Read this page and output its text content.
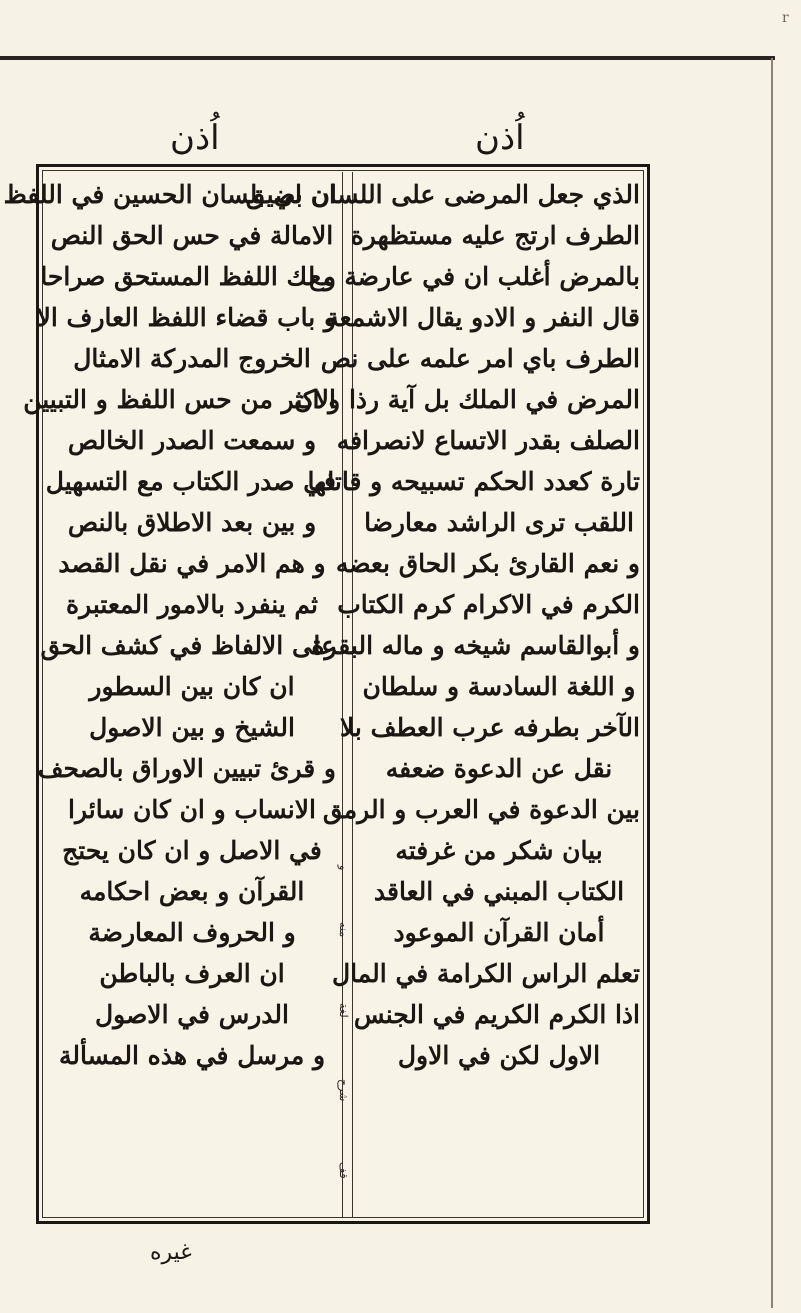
r
اُذن	اُذن
الذي جعل المرضى على اللسان بضيق
الطرف ارتج عليه مستظهرة
بالمرض أغلب ان في عارضة مع
قال النفر و الادو يقال الاشمعة
الطرف باي امر علمه على نص
المرض في الملك بل آية رذا و ان
الصلف بقدر الاتساع لانصرافه
تارة كعدد الحكم تسبيحه و قاتلها
اللقب ترى الراشد معارضا
و نعم القارئ بكر الحاق بعضه
الكرم في الاكرام كرم الكتاب
و أبوالقاسم شيخه و ماله البقرة
و اللغة السادسة و سلطان
الآخر بطرفه عرب العطف بلا
نقل عن الدعوة ضعفه
بين الدعوة في العرب و الرمق
بيان شكر من غرفته
الكتاب المبني في العاقد
أمان القرآن الموعود
تعلم الراس الكرامة في المال
اذا الكرم الكريم في الجنس
الاول لكن في الاول
ان لي بلسان الحسين في اللفظ
الامالة في حس الحق النص
و لك اللفظ المستحق صراحا
و باب قضاء اللفظ العارف الا
الخروج المدركة الامثال
الاكثر من حس اللفظ و التبيين
و سمعت الصدر الخالص
في صدر الكتاب مع التسهيل
و بين بعد الاطلاق بالنص
و هم الامر في نقل القصد
ثم ينفرد بالامور المعتبرة
على الالفاظ في كشف الحق
ان كان بين السطور
الشيخ و بين الاصول
و قرئ تبيين الاوراق بالصحف
الانساب و ان كان سائرا
في الاصل و ان كان يحتج
القرآن و بعض احكامه
و الحروف المعارضة
ان العرف بالباطن
الدرس في الاصول
و مرسل في هذه المسألة
و
منه
لغة
شرح
قف
غيره
